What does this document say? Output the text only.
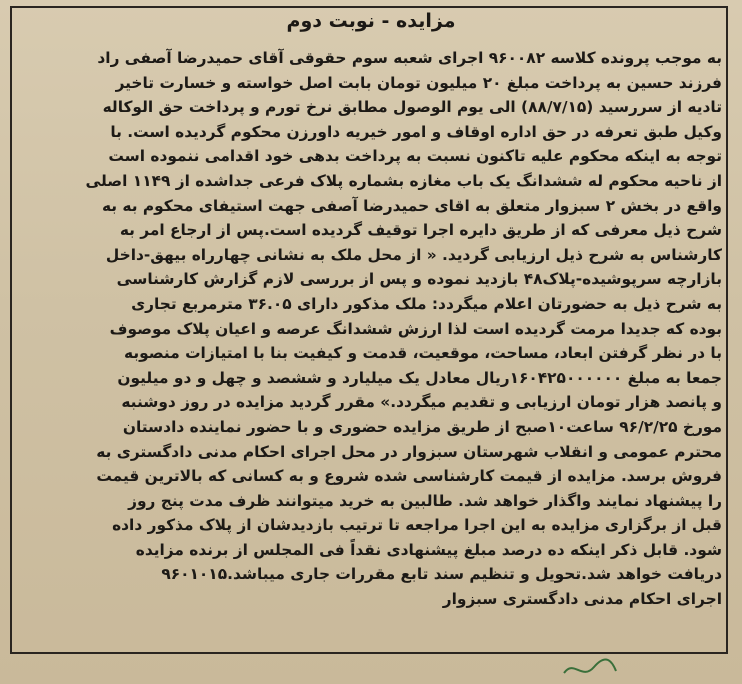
مزایده - نوبت دوم
به موجب پرونده کلاسه ۹۶۰۰۸۲ اجرای شعبه سوم حقوقی آقای حمیدرضا آصفی راد
فرزند حسین به پرداخت مبلغ ۲۰ میلیون تومان بابت اصل خواسته و خسارت تاخیر
تادیه از سررسید (۸۸/۷/۱۵) الی یوم الوصول مطابق نرخ تورم و پرداخت حق الوکاله
وکیل طبق تعرفه در حق اداره اوقاف و امور خیریه داورزن محکوم گردیده است. با
توجه به اینکه محکوم علیه تاکنون نسبت به پرداخت بدهی خود اقدامی ننموده است
از ناحیه محکوم له ششدانگ یک باب مغازه بشماره پلاک فرعی جداشده از ۱۱۴۹ اصلی
واقع در بخش ۲ سبزوار متعلق به اقای حمیدرضا آصفی جهت استیفای محکوم به به
شرح ذیل معرفی که از طریق دایره اجرا توقیف گردیده است.پس از ارجاع امر به
کارشناس به شرح ذیل ارزیابی گردید. « از محل ملک به نشانی چهارراه بیهق-داخل
بازارچه سرپوشیده-پلاک۴۸ بازدید نموده و پس از بررسی لازم گزارش کارشناسی
به شرح ذیل به حضورتان اعلام میگردد: ملک مذکور دارای ۳۶.۰۵ مترمربع تجاری
بوده که جدیدا مرمت گردیده است لذا ارزش ششدانگ عرصه و اعیان پلاک موصوف
با در نظر گرفتن ابعاد، مساحت، موقعیت، قدمت و کیفیت بنا با امتیازات منصوبه
جمعا به مبلغ ۱۶۰۴۲۵۰۰۰۰۰۰ریال معادل یک میلیارد و ششصد و چهل و دو میلیون
و پانصد هزار تومان ارزیابی و تقدیم میگردد.» مقرر گردید مزایده در روز دوشنبه
مورخ ۹۶/۲/۲۵ ساعت۱۰صبح از طریق مزایده حضوری و با حضور نماینده دادستان
محترم عمومی و انقلاب شهرستان سبزوار در محل اجرای احکام مدنی دادگستری به
فروش برسد. مزایده از قیمت کارشناسی شده شروع و به کسانی که بالاترین قیمت
را پیشنهاد نمایند واگذار خواهد شد. طالبین به خرید میتوانند ظرف مدت پنج روز
قبل از برگزاری مزایده به این اجرا مراجعه تا ترتیب بازدیدشان از پلاک مذکور داده
شود. قابل ذکر اینکه ده درصد مبلغ پیشنهادی نقداً فی المجلس از برنده مزایده
دریافت خواهد شد.تحویل و تنظیم سند تابع مقررات جاری میباشد.۹۶۰۱۰۱۵
اجرای احکام مدنی دادگستری سبزوار
